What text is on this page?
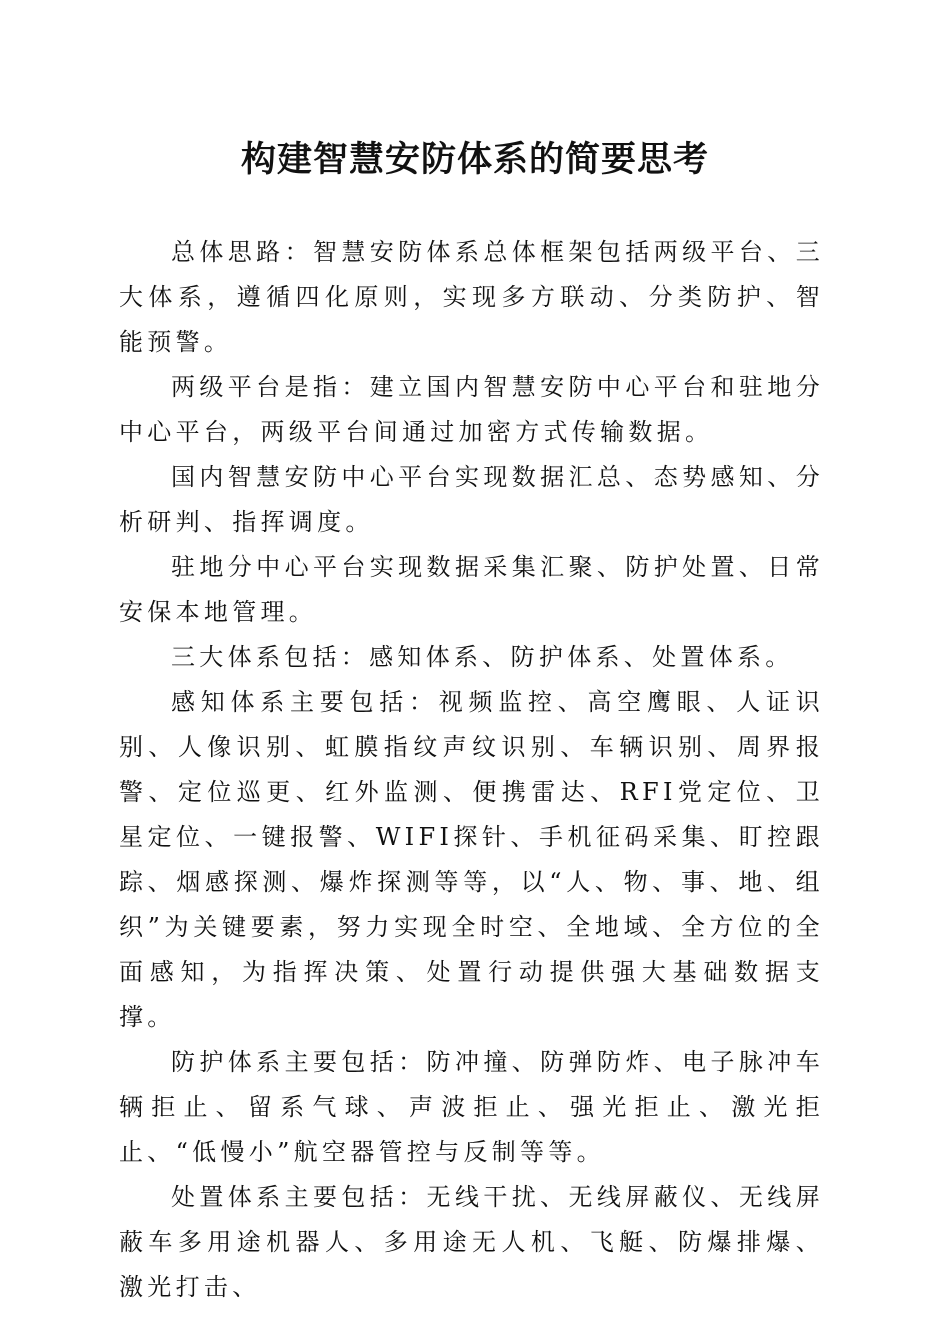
构建智慧安防体系的简要思考

总体思路：智慧安防体系总体框架包括两级平台、三大体系，遵循四化原则，实现多方联动、分类防护、智能预警。

两级平台是指：建立国内智慧安防中心平台和驻地分中心平台，两级平台间通过加密方式传输数据。

国内智慧安防中心平台实现数据汇总、态势感知、分析研判、指挥调度。

驻地分中心平台实现数据采集汇聚、防护处置、日常安保本地管理。

三大体系包括：感知体系、防护体系、处置体系。

感知体系主要包括：视频监控、高空鹰眼、人证识别、人像识别、虹膜指纹声纹识别、车辆识别、周界报警、定位巡更、红外监测、便携雷达、RFI党定位、卫星定位、一键报警、WIFI探针、手机征码采集、盯控跟踪、烟感探测、爆炸探测等等，以“人、物、事、地、组织”为关键要素，努力实现全时空、全地域、全方位的全面感知，为指挥决策、处置行动提供强大基础数据支撑。

防护体系主要包括：防冲撞、防弹防炸、电子脉冲车辆拒止、留系气球、声波拒止、强光拒止、激光拒止、“低慢小”航空器管控与反制等等。

处置体系主要包括：无线干扰、无线屏蔽仪、无线屏蔽车多用途机器人、多用途无人机、飞艇、防爆排爆、激光打击、
